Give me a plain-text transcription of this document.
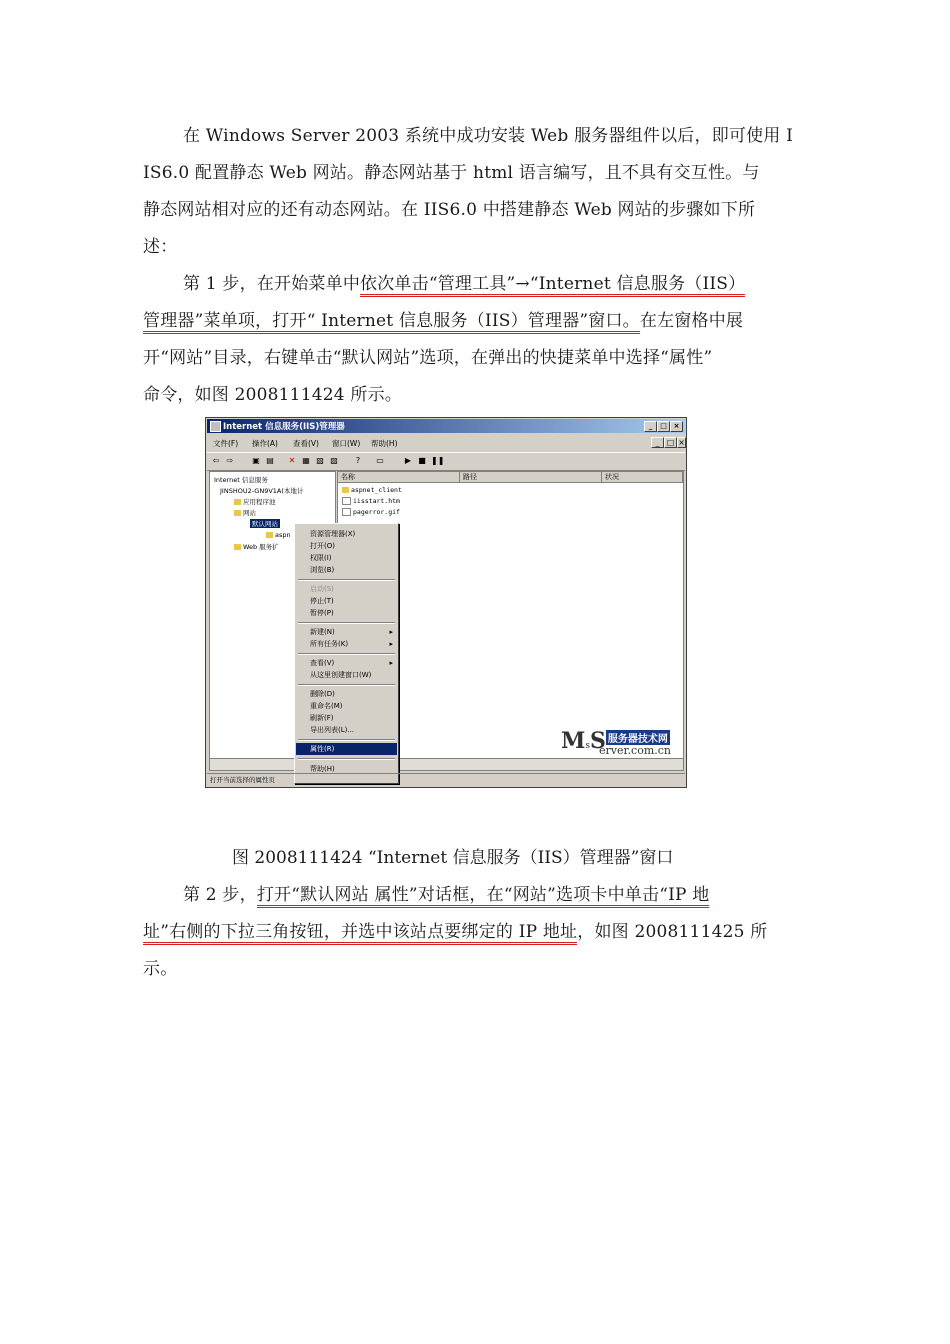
在 Windows Server 2003 系统中成功安装 Web 服务器组件以后，即可使用 I
IS6.0 配置静态 Web 网站。静态网站基于 html 语言编写，且不具有交互性。与
静态网站相对应的还有动态网站。在 IIS6.0 中搭建静态 Web 网站的步骤如下所
述：
第 1 步，在开始菜单中依次单击“管理工具”→“Internet 信息服务（IIS）
管理器”菜单项，打开“ Internet 信息服务（IIS）管理器”窗口。在左窗格中展
开“网站”目录，右键单击“默认网站”选项，在弹出的快捷菜单中选择“属性”
命令，如图 2008111424 所示。
Internet 信息服务(IIS)管理器	_	□ ×
文件(F) 操作(A) 查看(V) 窗口(W) 帮助(H)	_	□ ×
⇦ ⇨ ▣ ▤ ✕ ▦ ▧ ▨	?	▭	▶ ■ ❚❚
Internet 信息服务
JINSHOU2-GN9V1A(本地计
应用程序池
网站
默认网站
aspn
Web 服务扩
名称	路径	状况
aspnet_client
iisstart.htm
pagerror.gif
资源管理器(X)
打开(O)
权限(I)
浏览(B)
启动(S)
停止(T)
暂停(P)
新建(N)	▸
所有任务(K)	▸
查看(V)	▸
从这里创建窗口(W)
删除(D)
重命名(M)
刷新(F)
导出列表(L)...
属性(R)
帮助(H)
MsS 服务器技术网
erver.com.cn
打开当前选择的属性页
图 2008111424 “Internet 信息服务（IIS）管理器”窗口
第 2 步，打开“默认网站 属性”对话框，在“网站”选项卡中单击“IP 地
址”右侧的下拉三角按钮，并选中该站点要绑定的 IP 地址，如图 2008111425 所
示。
